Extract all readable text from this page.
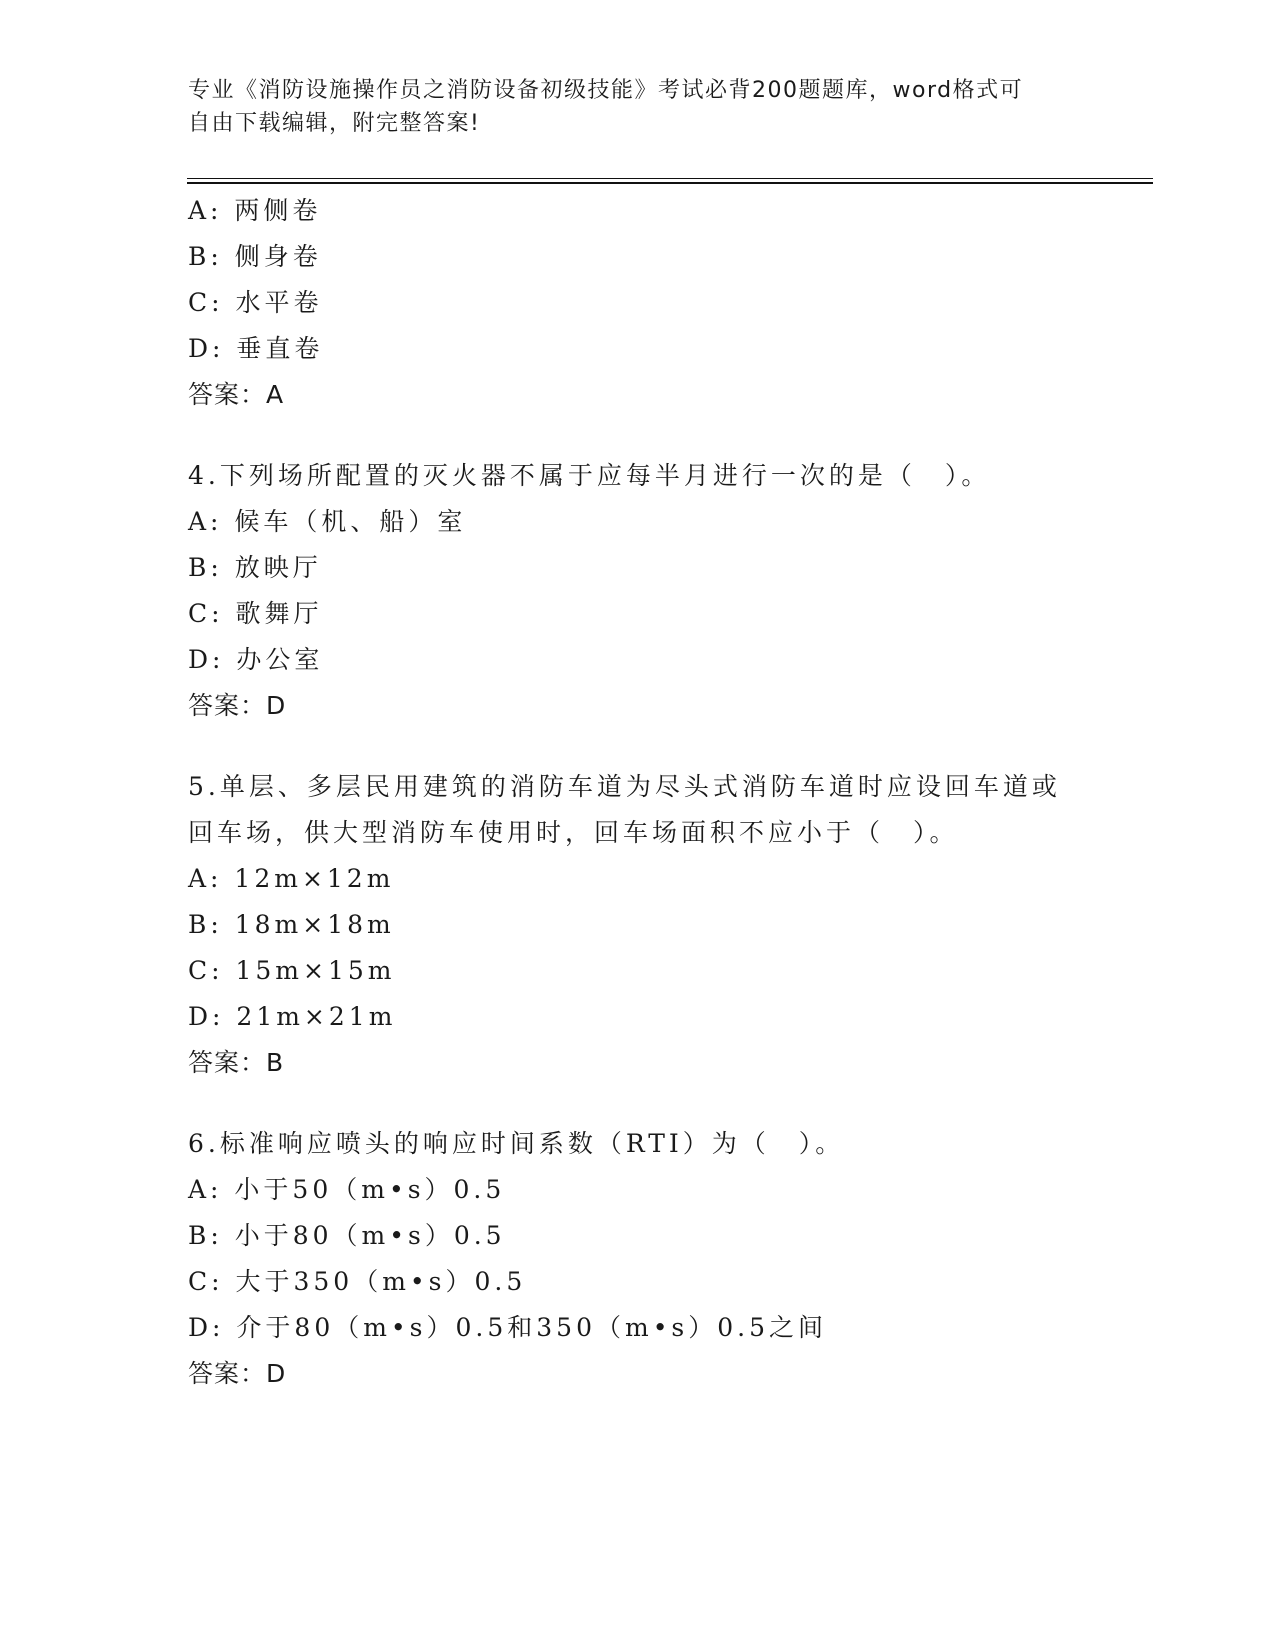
专业《消防设施操作员之消防设备初级技能》考试必背200题题库，word格式可
自由下载编辑，附完整答案!
A: 两侧卷
B: 侧身卷
C: 水平卷
D: 垂直卷
答案：A
4.下列场所配置的灭火器不属于应每半月进行一次的是（　）。
A: 候车（机、船）室
B: 放映厅
C: 歌舞厅
D: 办公室
答案：D
5.单层、多层民用建筑的消防车道为尽头式消防车道时应设回车道或
回车场，供大型消防车使用时，回车场面积不应小于（　）。
A: 12m×12m
B: 18m×18m
C: 15m×15m
D: 21m×21m
答案：B
6.标准响应喷头的响应时间系数（RTI）为（　）。
A: 小于50（m•s）0.5
B: 小于80（m•s）0.5
C: 大于350（m•s）0.5
D: 介于80（m•s）0.5和350（m•s）0.5之间
答案：D
